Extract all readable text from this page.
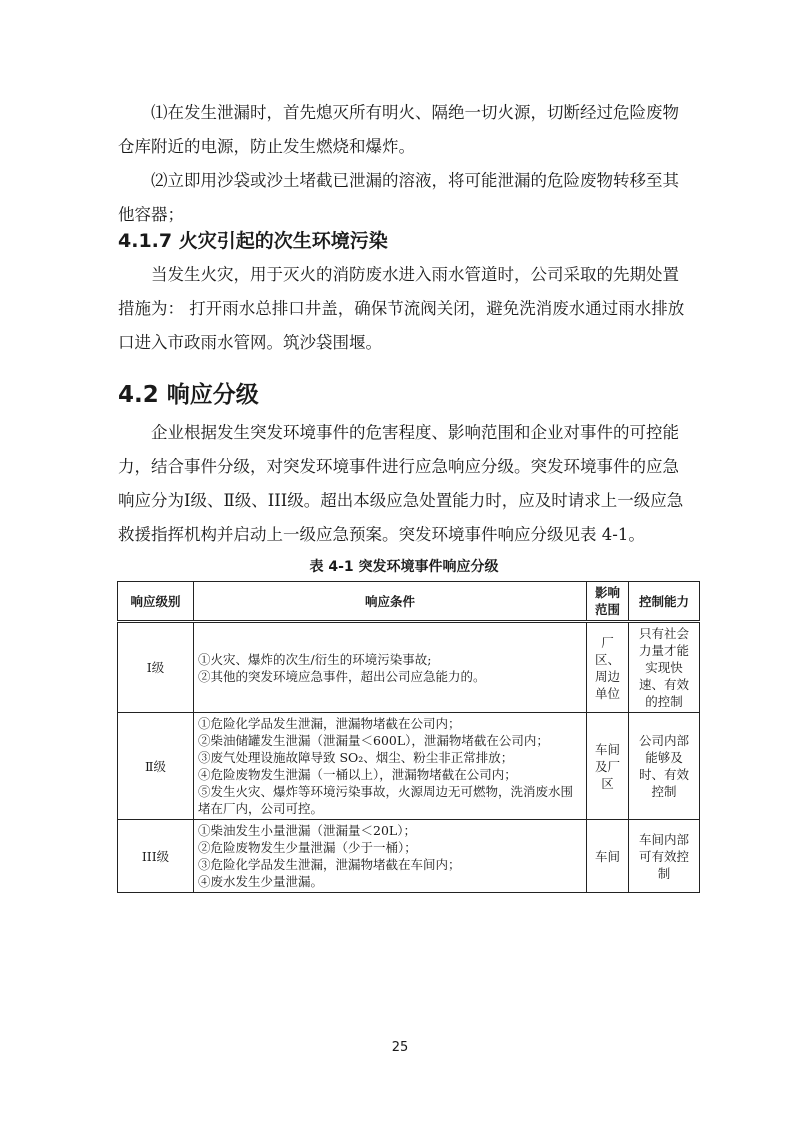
⑴在发生泄漏时，首先熄灭所有明火、隔绝一切火源，切断经过危险废物仓库附近的电源，防止发生燃烧和爆炸。

⑵立即用沙袋或沙土堵截已泄漏的溶液，将可能泄漏的危险废物转移至其他容器；

4.1.7 火灾引起的次生环境污染

当发生火灾，用于灭火的消防废水进入雨水管道时，公司采取的先期处置措施为： 打开雨水总排口井盖，确保节流阀关闭，避免洗消废水通过雨水排放口进入市政雨水管网。筑沙袋围堰。

4.2 响应分级

企业根据发生突发环境事件的危害程度、影响范围和企业对事件的可控能力，结合事件分级，对突发环境事件进行应急响应分级。突发环境事件的应急响应分为Ⅰ级、Ⅱ级、III级。超出本级应急处置能力时，应及时请求上一级应急救援指挥机构并启动上一级应急预案。突发环境事件响应分级见表 4-1。

表 4-1 突发环境事件响应分级

响应级别	响应条件	影响范围	控制能力
Ⅰ级	①火灾、爆炸的次生/衍生的环境污染事故;
②其他的突发环境应急事件，超出公司应急能力的。	厂区、周边单位	只有社会力量才能实现快速、有效的控制
Ⅱ级	①危险化学品发生泄漏，泄漏物堵截在公司内；
②柴油储罐发生泄漏（泄漏量＜600L），泄漏物堵截在公司内；
③废气处理设施故障导致 SO₂、烟尘、粉尘非正常排放；
④危险废物发生泄漏（一桶以上），泄漏物堵截在公司内；
⑤发生火灾、爆炸等环境污染事故，火源周边无可燃物，洗消废水围堵在厂内，公司可控。	车间及厂区	公司内部能够及时、有效控制
III级	①柴油发生小量泄漏（泄漏量＜20L）；
②危险废物发生少量泄漏（少于一桶）；
③危险化学品发生泄漏，泄漏物堵截在车间内；
④废水发生少量泄漏。	车间	车间内部可有效控制
25
